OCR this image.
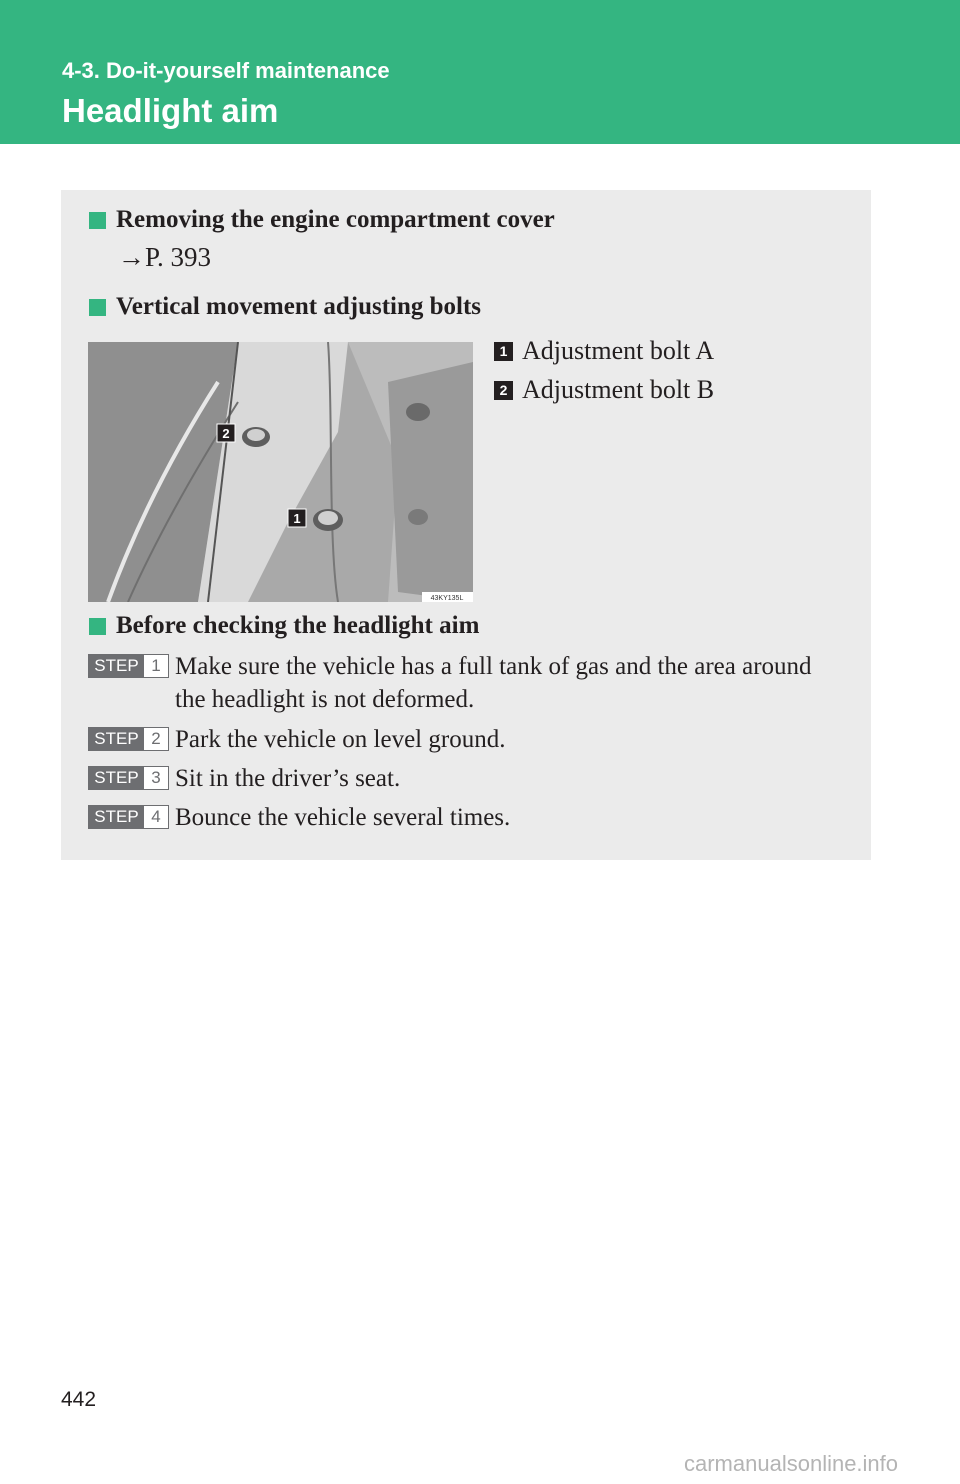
4-3. Do-it-yourself maintenance
Headlight aim
Removing the engine compartment cover
→P. 393
Vertical movement adjusting bolts
2
1
43KY135L
1 Adjustment bolt A
2 Adjustment bolt B
Before checking the headlight aim
STEP 1 Make sure the vehicle has a full tank of gas and the area around the headlight is not deformed.
STEP 2 Park the vehicle on level ground.
STEP 3 Sit in the driver’s seat.
STEP 4 Bounce the vehicle several times.
442
carmanualsonline.info
